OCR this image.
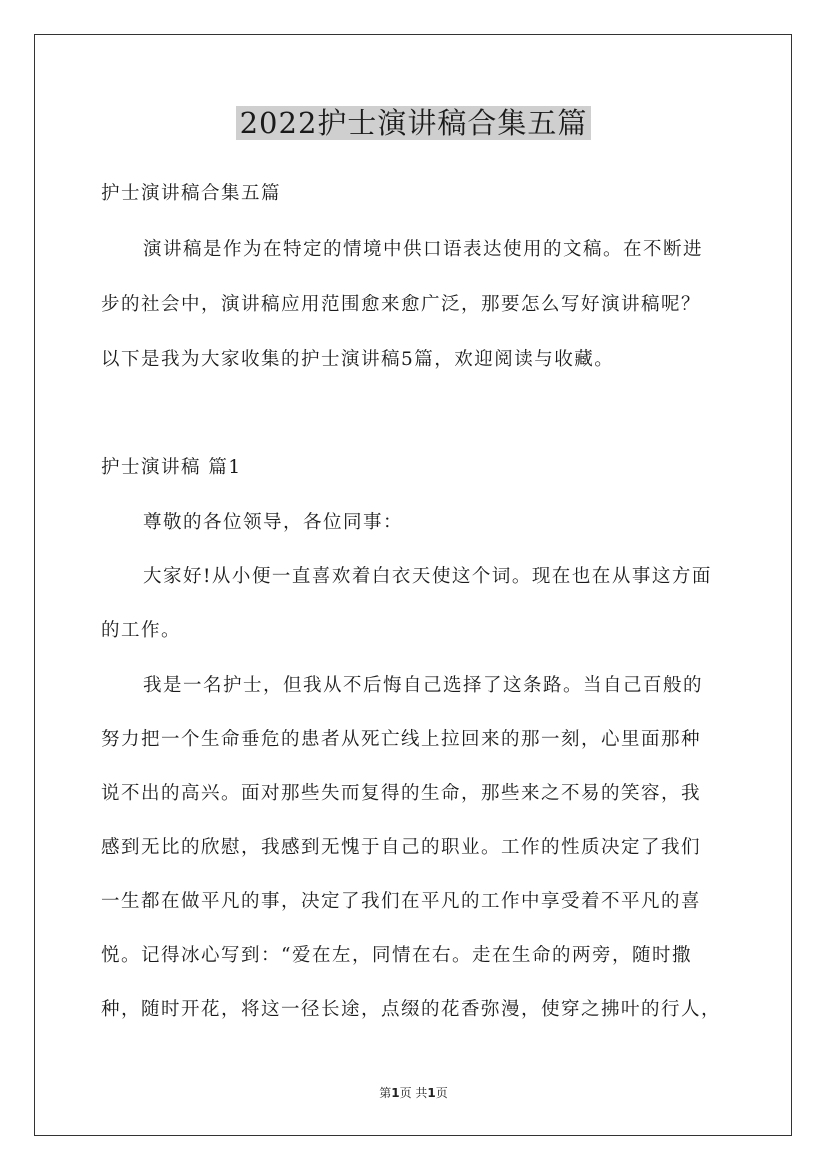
2022护士演讲稿合集五篇
护士演讲稿合集五篇
演讲稿是作为在特定的情境中供口语表达使用的文稿。在不断进
步的社会中，演讲稿应用范围愈来愈广泛，那要怎么写好演讲稿呢？
以下是我为大家收集的护士演讲稿5篇，欢迎阅读与收藏。
护士演讲稿 篇1
尊敬的各位领导，各位同事：
大家好!从小便一直喜欢着白衣天使这个词。现在也在从事这方面
的工作。
我是一名护士，但我从不后悔自己选择了这条路。当自己百般的
努力把一个生命垂危的患者从死亡线上拉回来的那一刻，心里面那种
说不出的高兴。面对那些失而复得的生命，那些来之不易的笑容，我
感到无比的欣慰，我感到无愧于自己的职业。工作的性质决定了我们
一生都在做平凡的事，决定了我们在平凡的工作中享受着不平凡的喜
悦。记得冰心写到：“爱在左，同情在右。走在生命的两旁，随时撒
种，随时开花，将这一径长途，点缀的花香弥漫，使穿之拂叶的行人，
第1页 共1页
